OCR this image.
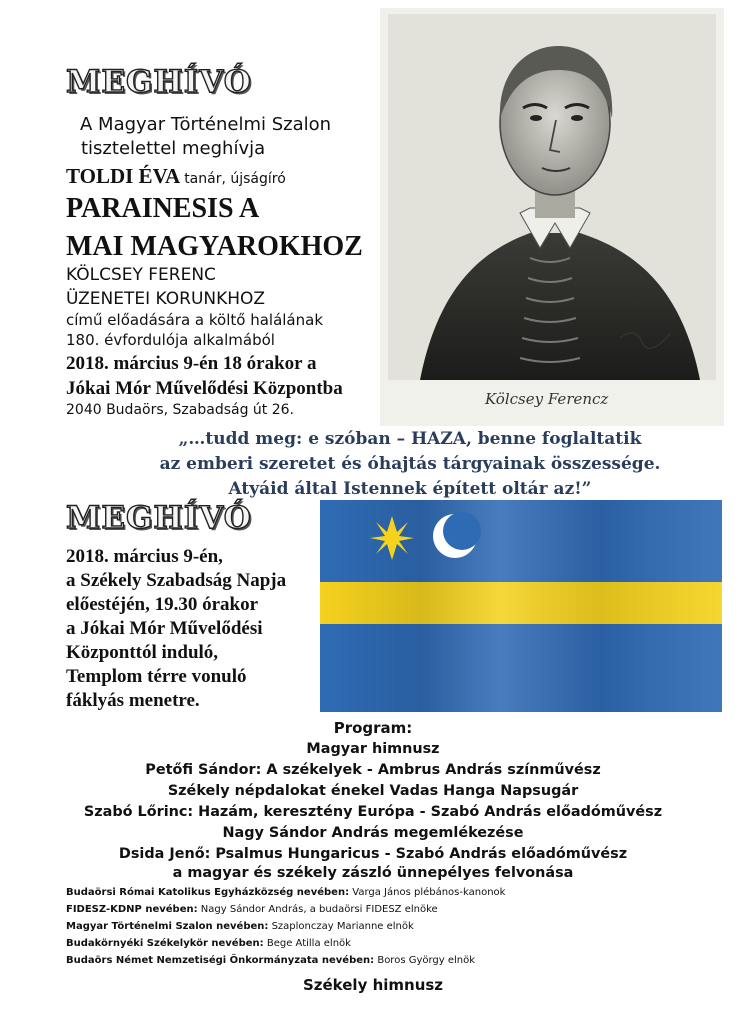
MEGHÍVÓ
A Magyar Történelmi Szalon
tisztelettel meghívja
TOLDI ÉVA tanár, újságíró
PARAINESIS A
MAI MAGYAROKHOZ
KÖLCSEY FERENC
ÜZENETEI KORUNKHOZ
című előadására a költő halálának
180. évfordulója alkalmából
2018. március 9-én 18 órakor a
Jókai Mór Művelődési Központba
2040 Budaörs, Szabadság út 26.
Kölcsey Ferencz
„…tudd meg: e szóban – HAZA, benne foglaltatik
az emberi szeretet és óhajtás tárgyainak összessége.
Atyáid által Istennek épített oltár az!”
MEGHÍVÓ
2018. március 9-én,
a Székely Szabadság Napja
előestéjén, 19.30 órakor
a Jókai Mór Művelődési
Központtól induló,
Templom térre vonuló
fáklyás menetre.
Program:
Magyar himnusz
Petőfi Sándor: A székelyek - Ambrus András színművész
Székely népdalokat énekel Vadas Hanga Napsugár
Szabó Lőrinc: Hazám, keresztény Európa - Szabó András előadóművész
Nagy Sándor András megemlékezése
Dsida Jenő: Psalmus Hungaricus - Szabó András előadóművész
a magyar és székely zászló ünnepélyes felvonása
Budaörsi Római Katolikus Egyházközség nevében: Varga János plébános-kanonok
FIDESZ-KDNP nevében: Nagy Sándor András, a budaörsi FIDESZ elnöke
Magyar Történelmi Szalon nevében: Szaplonczay Marianne elnök
Budakörnyéki Székelykör nevében: Bege Atilla elnök
Budaörs Német Nemzetiségi Önkormányzata nevében: Boros György elnök
Székely himnusz
